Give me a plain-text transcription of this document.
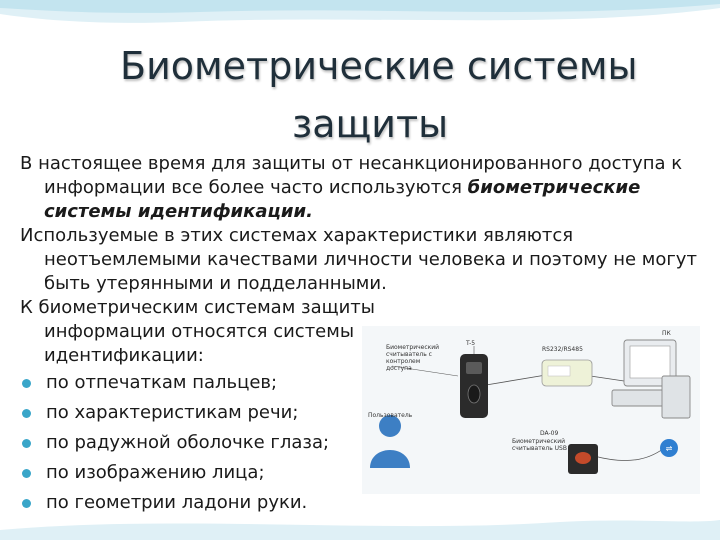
Биометрические системы
защиты

В настоящее время для защиты от несанкционированного доступа к информации все более часто используются биометрические системы идентификации.

Используемые в этих системах характеристики являются неотъемлемыми качествами личности человека и поэтому не могут быть утерянными и подделанными.

К биометрическим системам защиты информации относятся системы идентификации:

по отпечаткам пальцев;
по характеристикам речи;
по радужной оболочке глаза;
по изображению лица;
по геометрии ладони руки.
⇌
Биометрический считыватель с контролем доступа
T-5
RS232/RS485
ПК
Пользователь
DA-09
Биометрический считыватель USB
